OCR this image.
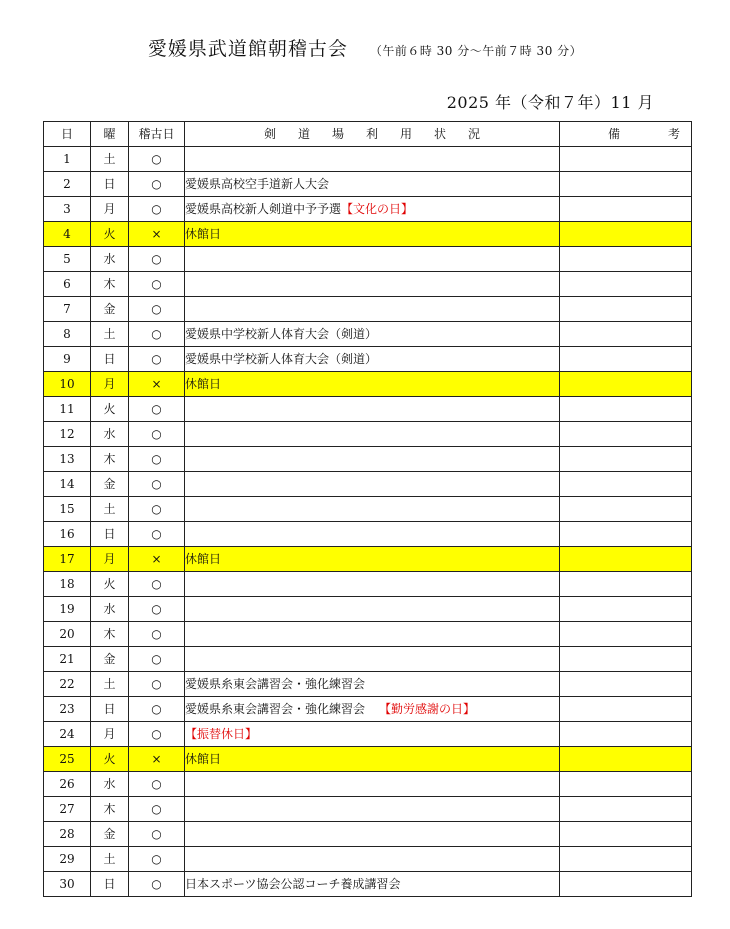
愛媛県武道館朝稽古会 （午前６時 30 分～午前７時 30 分）
2025 年（令和７年）11 月
日	曜	稽古日	剣道場利用状況	備考
1	土	○		
2	日	○	愛媛県高校空手道新人大会	
3	月	○	愛媛県高校新人剣道中予予選【文化の日】	
4	火	×	休館日	
5	水	○		
6	木	○		
7	金	○		
8	土	○	愛媛県中学校新人体育大会（剣道）	
9	日	○	愛媛県中学校新人体育大会（剣道）	
10	月	×	休館日	
11	火	○		
12	水	○		
13	木	○		
14	金	○		
15	土	○		
16	日	○		
17	月	×	休館日	
18	火	○		
19	水	○		
20	木	○		
21	金	○		
22	土	○	愛媛県糸東会講習会・強化練習会	
23	日	○	愛媛県糸東会講習会・強化練習会 【勤労感謝の日】	
24	月	○	【振替休日】	
25	火	×	休館日	
26	水	○		
27	木	○		
28	金	○		
29	土	○		
30	日	○	日本スポーツ協会公認コーチ養成講習会	
